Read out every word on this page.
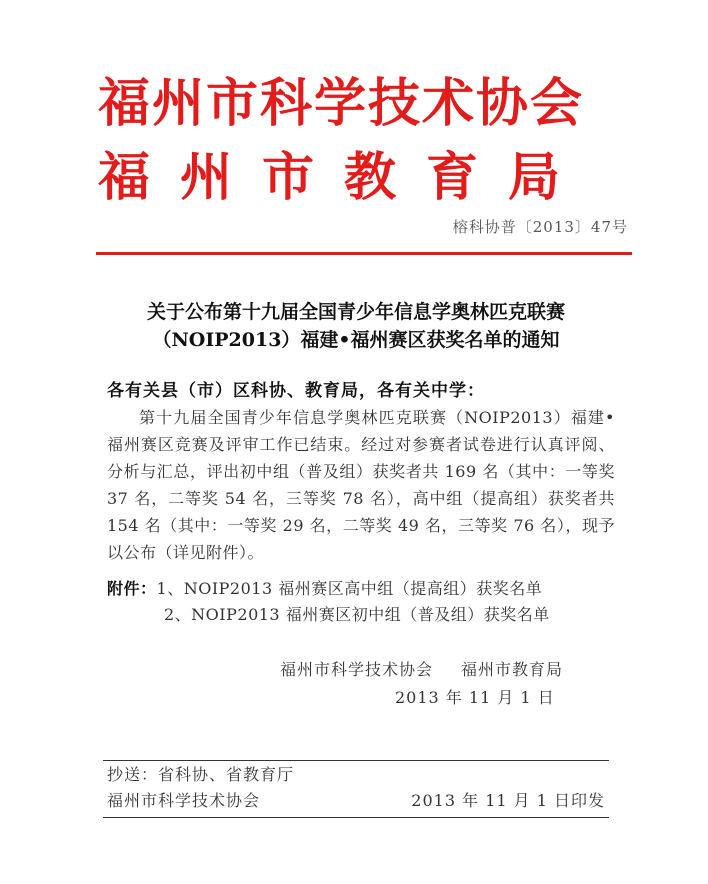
福州市科学技术协会
福州市教育局
榕科协普〔2013〕47号
关于公布第十九届全国青少年信息学奥林匹克联赛
（NOIP2013）福建•福州赛区获奖名单的通知
各有关县（市）区科协、教育局，各有关中学：

第十九届全国青少年信息学奥林匹克联赛（NOIP2013）福建•福州赛区竞赛及评审工作已结束。经过对参赛者试卷进行认真评阅、分析与汇总，评出初中组（普及组）获奖者共 169 名（其中：一等奖 37 名，二等奖 54 名，三等奖 78 名），高中组（提高组）获奖者共 154 名（其中：一等奖 29 名，二等奖 49 名，三等奖 76 名），现予以公布（详见附件）。

附件：1、NOIP2013 福州赛区高中组（提高组）获奖名单
2、NOIP2013 福州赛区初中组（普及组）获奖名单
福州市科学技术协会 福州市教育局
2013 年 11 月 1 日
抄送：省科协、省教育厅
福州市科学技术协会	2013 年 11 月 1 日印发
